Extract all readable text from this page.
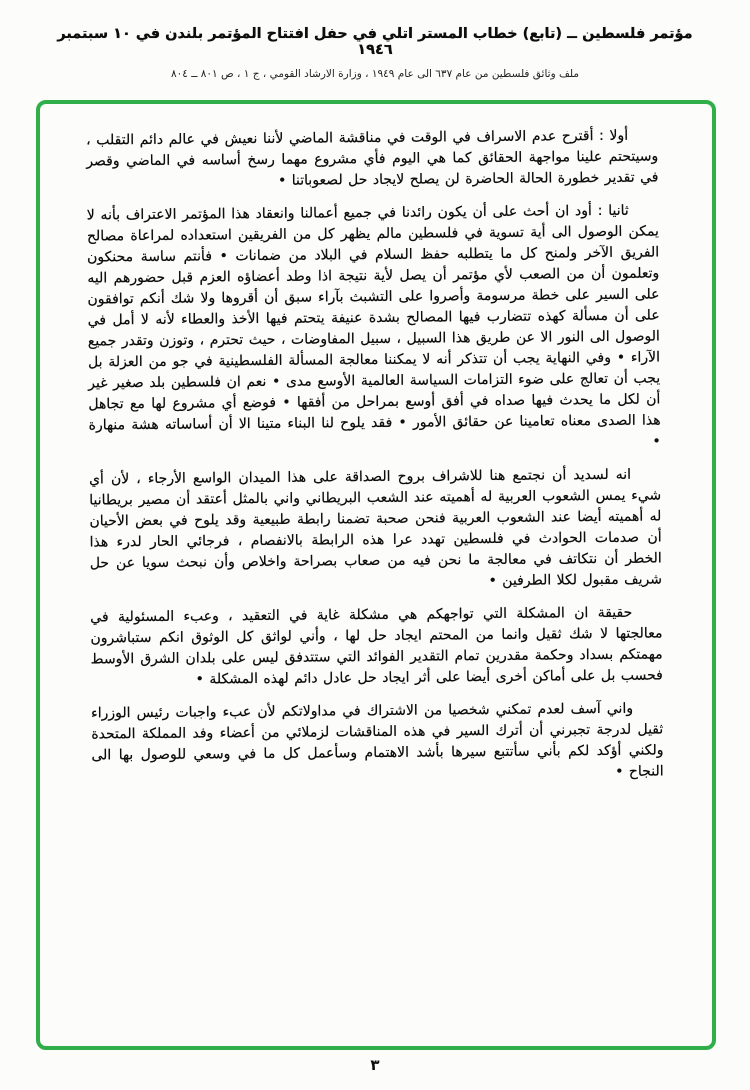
مؤتمر فلسطين ــ (تابع) خطاب المستر اتلي في حفل افتتاح المؤتمر بلندن في ١٠ سبتمبر ١٩٤٦
ملف وثائق فلسطين من عام ٦٣٧ الى عام ١٩٤٩ ، وزارة الارشاد القومي ، ج ١ ، ص ٨٠١ ــ ٨٠٤

أولا : أقترح عدم الاسراف في الوقت في مناقشة الماضي لأننا نعيش في عالم دائم التقلب ، وسيتحتم علينا مواجهة الحقائق كما هي اليوم فأي مشروع مهما رسخ أساسه في الماضي وقصر في تقدير خطورة الحالة الحاضرة لن يصلح لايجاد حل لصعوباتنا •

ثانيا : أود ان أحث على أن يكون رائدنا في جميع أعمالنا وانعقاد هذا المؤتمر الاعتراف بأنه لا يمكن الوصول الى أية تسوية في فلسطين مالم يظهر كل من الفريقين استعداده لمراعاة مصالح الفريق الآخر ولمنح كل ما يتطلبه حفظ السلام في البلاد من ضمانات • فأنتم ساسة محنكون وتعلمون أن من الصعب لأي مؤتمر أن يصل لأية نتيجة اذا وطد أعضاؤه العزم قبل حضورهم اليه على السير على خطة مرسومة وأصروا على التشبث بآراء سبق أن أقروها ولا شك أنكم توافقون على أن مسألة كهذه تتضارب فيها المصالح بشدة عنيفة يتحتم فيها الأخذ والعطاء لأنه لا أمل في الوصول الى النور الا عن طريق هذا السبيل ، سبيل المفاوضات ، حيث تحترم ، وتوزن وتقدر جميع الآراء • وفي النهاية يجب أن تتذكر أنه لا يمكننا معالجة المسألة الفلسطينية في جو من العزلة بل يجب أن تعالج على ضوء التزامات السياسة العالمية الأوسع مدى • نعم ان فلسطين بلد صغير غير أن لكل ما يحدث فيها صداه في أفق أوسع بمراحل من أفقها • فوضع أي مشروع لها مع تجاهل هذا الصدى معناه تعامينا عن حقائق الأمور • فقد يلوح لنا البناء متينا الا أن أساساته هشة منهارة •

انه لسديد أن نجتمع هنا للاشراف بروح الصداقة على هذا الميدان الواسع الأرجاء ، لأن أي شيء يمس الشعوب العربية له أهميته عند الشعب البريطاني واني بالمثل أعتقد أن مصير بريطانيا له أهميته أيضا عند الشعوب العربية فنحن صحبة تضمنا رابطة طبيعية وقد يلوح في بعض الأحيان أن صدمات الحوادث في فلسطين تهدد عرا هذه الرابطة بالانفصام ، فرجائي الحار لدرء هذا الخطر أن نتكاتف في معالجة ما نحن فيه من صعاب بصراحة واخلاص وأن نبحث سويا عن حل شريف مقبول لكلا الطرفين •

حقيقة ان المشكلة التي تواجهكم هي مشكلة غاية في التعقيد ، وعبء المسئولية في معالجتها لا شك ثقيل وانما من المحتم ايجاد حل لها ، وأني لواثق كل الوثوق انكم ستباشرون مهمتكم بسداد وحكمة مقدرين تمام التقدير الفوائد التي ستتدفق ليس على بلدان الشرق الأوسط فحسب بل على أماكن أخرى أيضا على أثر ايجاد حل عادل دائم لهذه المشكلة •

واني آسف لعدم تمكني شخصيا من الاشتراك في مداولاتكم لأن عبء واجبات رئيس الوزراء ثقيل لدرجة تجبرني أن أترك السير في هذه المناقشات لزملائي من أعضاء وفد المملكة المتحدة ولكني أؤكد لكم بأني سأتتبع سيرها بأشد الاهتمام وسأعمل كل ما في وسعي للوصول بها الى النجاح •

٣
